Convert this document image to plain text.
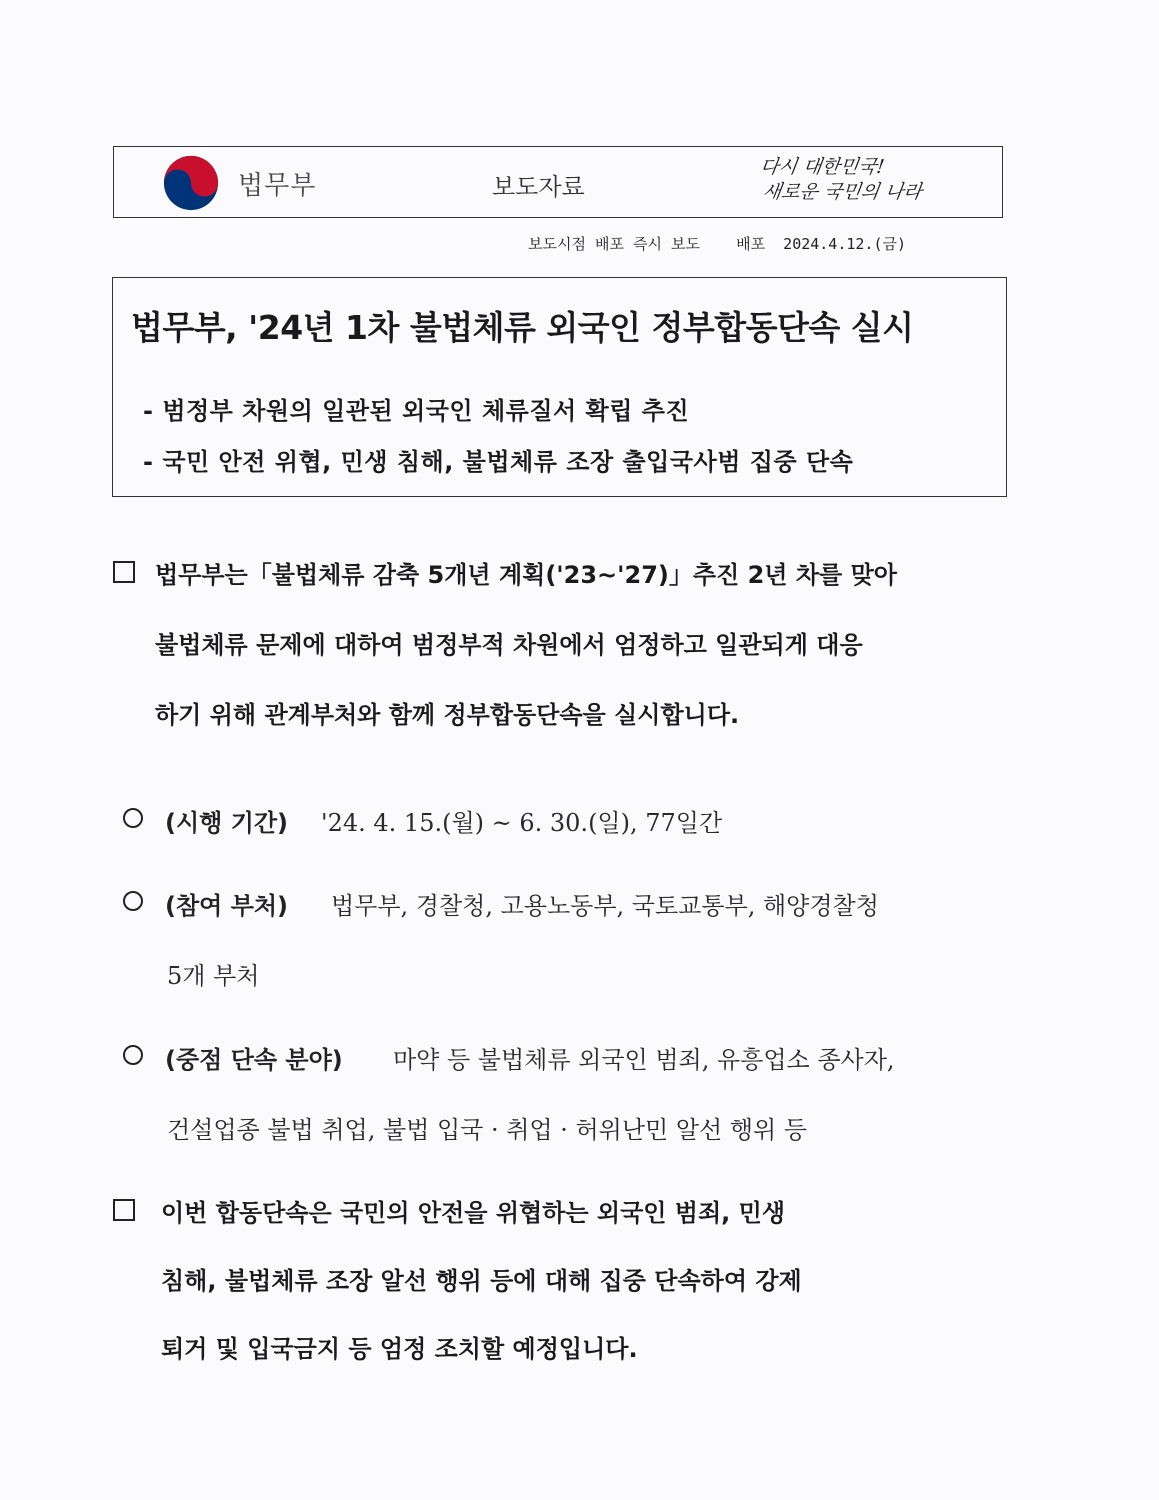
법무부	보도자료
다시 대한민국!
새로운 국민의 나라
보도시점 배포 즉시 보도    배포  2024.4.12.(금)
법무부, '24년 1차 불법체류 외국인 정부합동단속 실시
- 범정부 차원의 일관된 외국인 체류질서 확립 추진
- 국민 안전 위협, 민생 침해, 불법체류 조장 출입국사범 집중 단속
법무부는「불법체류 감축 5개년 계획('23~'27)」추진 2년 차를 맞아
불법체류 문제에 대하여 범정부적 차원에서 엄정하고 일관되게 대응
하기 위해 관계부처와 함께 정부합동단속을 실시합니다.
(시행 기간) '24. 4. 15.(월) ~ 6. 30.(일), 77일간
(참여 부처) 법무부, 경찰청, 고용노동부, 국토교통부, 해양경찰청
5개 부처
(중점 단속 분야) 마약 등 불법체류 외국인 범죄, 유흥업소 종사자,
건설업종 불법 취업, 불법 입국 · 취업 · 허위난민 알선 행위 등
이번 합동단속은 국민의 안전을 위협하는 외국인 범죄, 민생
침해, 불법체류 조장 알선 행위 등에 대해 집중 단속하여 강제
퇴거 및 입국금지 등 엄정 조치할 예정입니다.
